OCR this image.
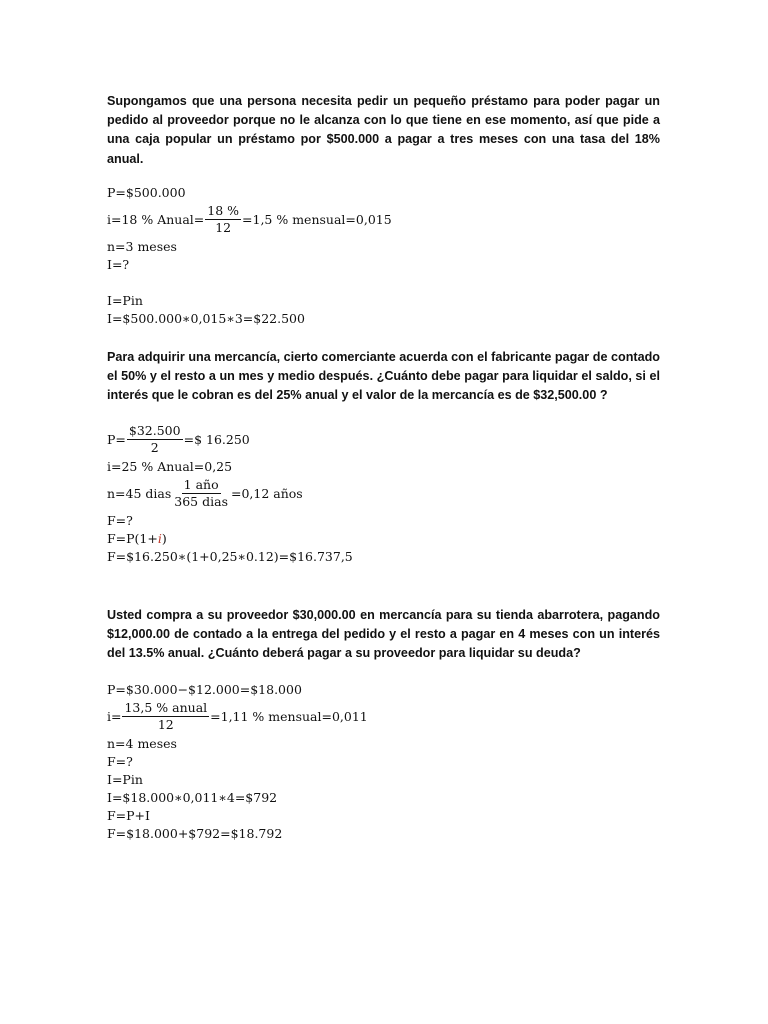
Supongamos que una persona necesita pedir un pequeño préstamo para poder pagar un pedido al proveedor porque no le alcanza con lo que tiene en ese momento, así que pide a una caja popular un préstamo por $500.000 a pagar a tres meses con una tasa del 18% anual.

P=$500.000
i=18 % Anual= $\frac{18 \%}{12} =1,5$ % mensual=0,015
n=3 meses
I=?
I=Pin
I=$500.000∗0,015∗3=$22.500

Para adquirir una mercancía, cierto comerciante acuerda con el fabricante pagar de contado el 50% y el resto a un mes y medio después. ¿Cuánto debe pagar para liquidar el saldo, si el interés que le cobran es del 25% anual y el valor de la mercancía es de $32,500.00 ?

$P= \frac{\$32.500}{2}$ =$ 16.250
i=25 % Anual=0,25
n=45 dias $\frac{\text{1 año}}{\text{365 dias}} =0,12$ años
F=?
F=P(1+ i )
F=$16.250∗(1+0,25∗0.12)=$16.737,5

Usted compra a su proveedor $30,000.00 en mercancía para su tienda abarrotera, pagando $12,000.00 de contado a la entrega del pedido y el resto a pagar en 4 meses con un interés del 13.5% anual. ¿Cuánto deberá pagar a su proveedor para liquidar su deuda?

P=$30.000−$12.000=$18.000
$i= \frac{\text{13,5 \% anual}}{12} =1,11$ % mensual=0,011
n=4 meses
F=?
I=Pin
I=$18.000∗0,011∗4=$792
F=P+I
F=$18.000+$792=$18.792
